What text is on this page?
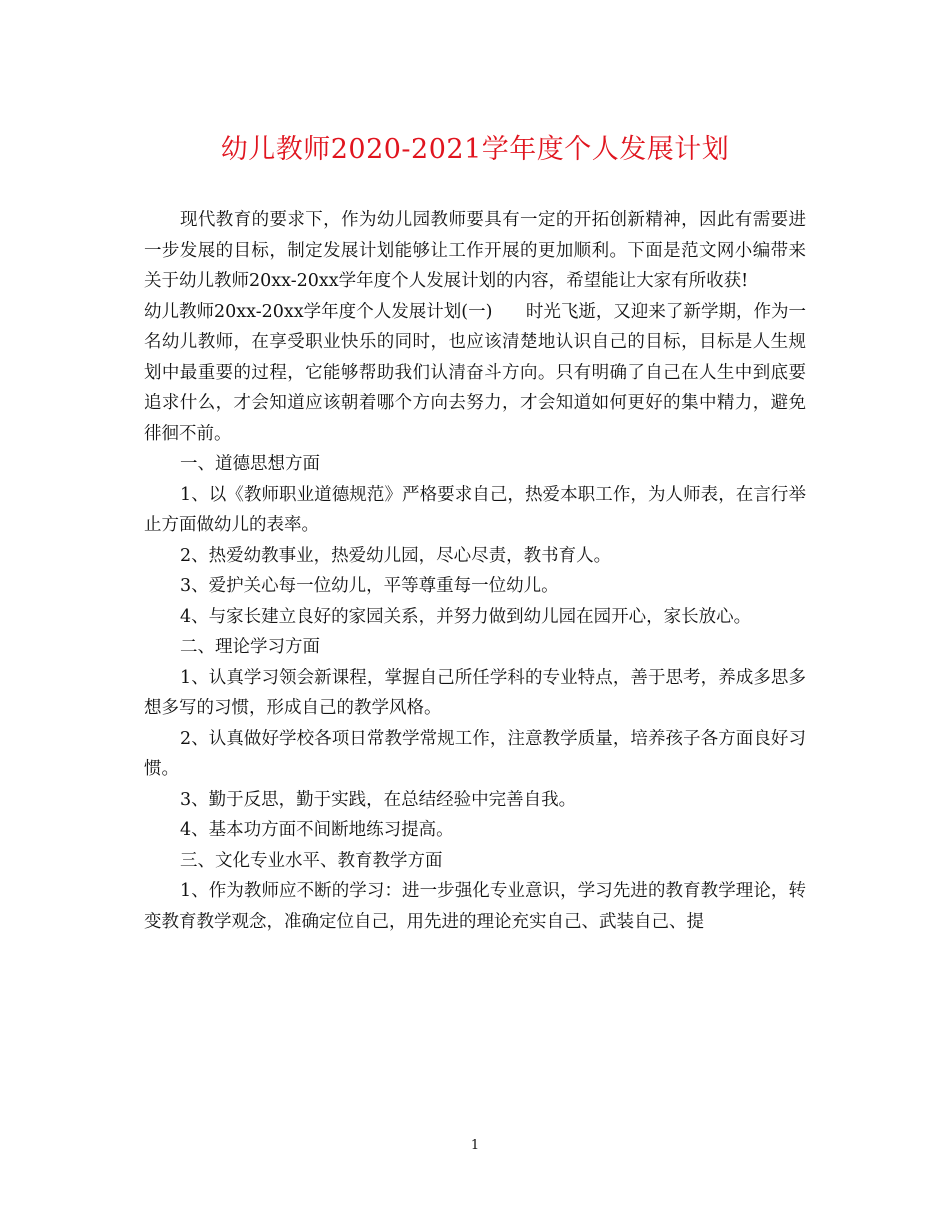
幼儿教师2020-2021学年度个人发展计划

现代教育的要求下，作为幼儿园教师要具有一定的开拓创新精神，因此有需要进一步发展的目标，制定发展计划能够让工作开展的更加顺利。下面是范文网小编带来关于幼儿教师20xx-20xx学年度个人发展计划的内容，希望能让大家有所收获!

幼儿教师20xx-20xx学年度个人发展计划(一)      时光飞逝，又迎来了新学期，作为一名幼儿教师，在享受职业快乐的同时，也应该清楚地认识自己的目标，目标是人生规划中最重要的过程，它能够帮助我们认清奋斗方向。只有明确了自己在人生中到底要追求什么，才会知道应该朝着哪个方向去努力，才会知道如何更好的集中精力，避免徘徊不前。

一、道德思想方面

1、以《教师职业道德规范》严格要求自己，热爱本职工作，为人师表，在言行举止方面做幼儿的表率。

2、热爱幼教事业，热爱幼儿园，尽心尽责，教书育人。

3、爱护关心每一位幼儿，平等尊重每一位幼儿。

4、与家长建立良好的家园关系，并努力做到幼儿园在园开心，家长放心。

二、理论学习方面

1、认真学习领会新课程，掌握自己所任学科的专业特点，善于思考，养成多思多想多写的习惯，形成自己的教学风格。

2、认真做好学校各项日常教学常规工作，注意教学质量，培养孩子各方面良好习惯。

3、勤于反思，勤于实践，在总结经验中完善自我。

4、基本功方面不间断地练习提高。

三、文化专业水平、教育教学方面

1、作为教师应不断的学习：进一步强化专业意识，学习先进的教育教学理论，转变教育教学观念，准确定位自己，用先进的理论充实自己、武装自己、提

1
